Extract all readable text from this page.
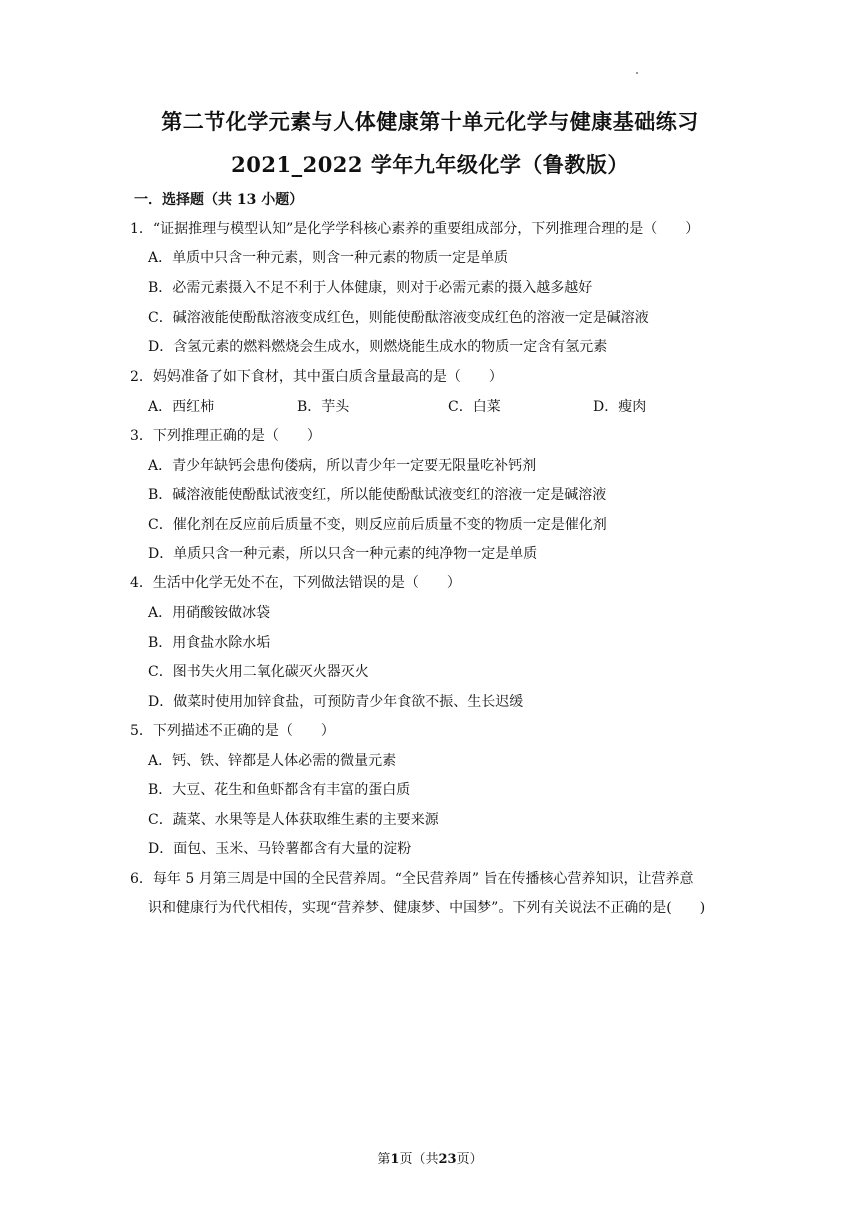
第二节化学元素与人体健康第十单元化学与健康基础练习
2021_2022 学年九年级化学（鲁教版）
一．选择题（共 13 小题）
1．“证据推理与模型认知”是化学学科核心素养的重要组成部分，下列推理合理的是（　　）
A．单质中只含一种元素，则含一种元素的物质一定是单质
B．必需元素摄入不足不利于人体健康，则对于必需元素的摄入越多越好
C．碱溶液能使酚酞溶液变成红色，则能使酚酞溶液变成红色的溶液一定是碱溶液
D．含氢元素的燃料燃烧会生成水，则燃烧能生成水的物质一定含有氢元素
2．妈妈准备了如下食材，其中蛋白质含量最高的是（　　）
A．西红柿	B．芋头	C．白菜	D．瘦肉
3．下列推理正确的是（　　）
A．青少年缺钙会患佝偻病，所以青少年一定要无限量吃补钙剂
B．碱溶液能使酚酞试液变红，所以能使酚酞试液变红的溶液一定是碱溶液
C．催化剂在反应前后质量不变，则反应前后质量不变的物质一定是催化剂
D．单质只含一种元素，所以只含一种元素的纯净物一定是单质
4．生活中化学无处不在，下列做法错误的是（　　）
A．用硝酸铵做冰袋
B．用食盐水除水垢
C．图书失火用二氧化碳灭火器灭火
D．做菜时使用加锌食盐，可预防青少年食欲不振、生长迟缓
5．下列描述不正确的是（　　）
A．钙、铁、锌都是人体必需的微量元素
B．大豆、花生和鱼虾都含有丰富的蛋白质
C．蔬菜、水果等是人体获取维生素的主要来源
D．面包、玉米、马铃薯都含有大量的淀粉
6．每年 5 月第三周是中国的全民营养周。“全民营养周” 旨在传播核心营养知识，让营养意
识和健康行为代代相传，实现“营养梦、健康梦、中国梦”。下列有关说法不正确的是(　　)
第1页（共23页）
